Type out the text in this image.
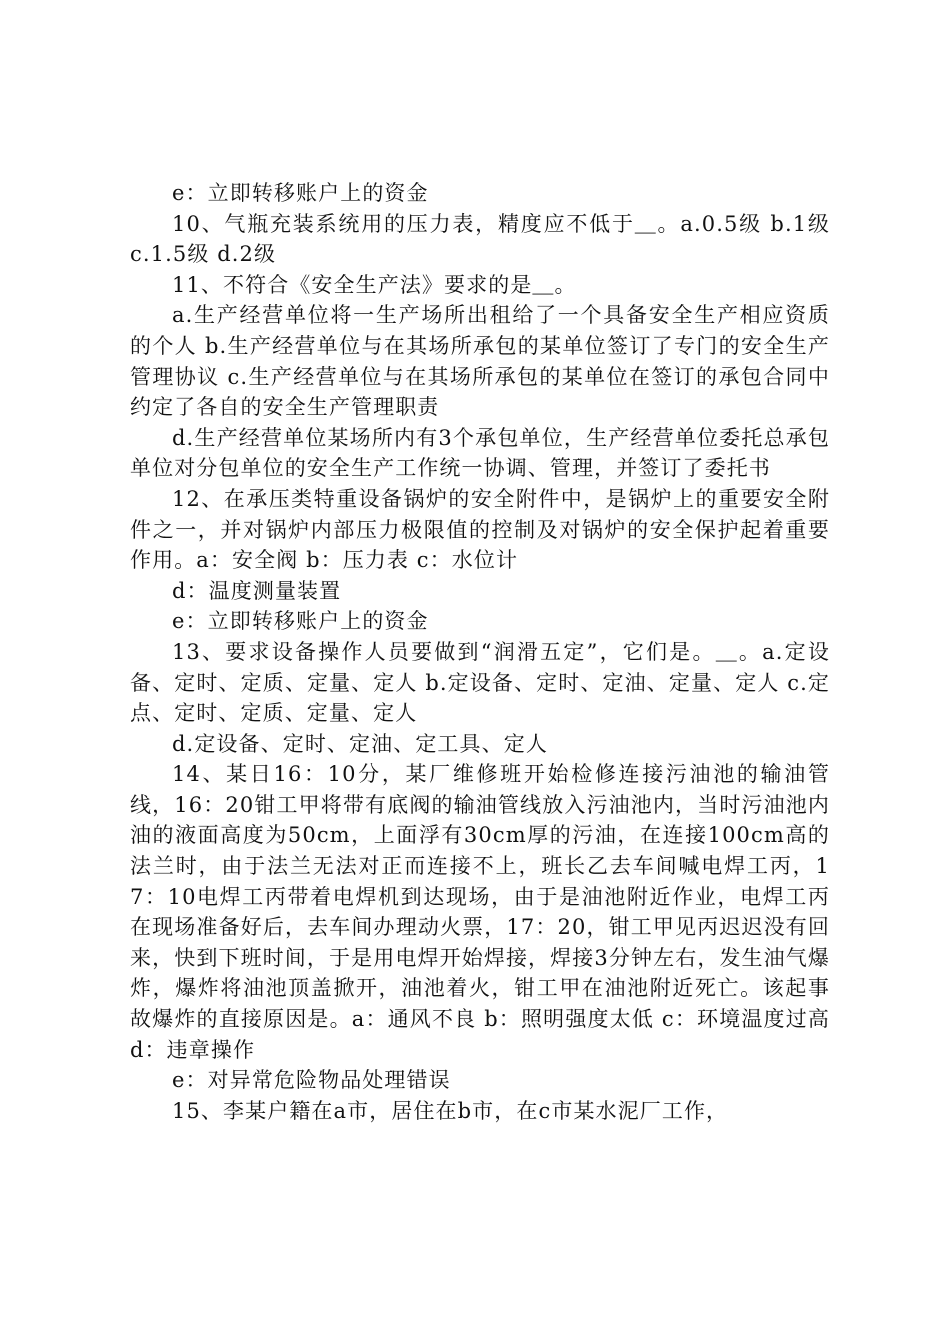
e：立即转移账户上的资金

10、气瓶充装系统用的压力表，精度应不低于＿。a.0.5级 b.1级 c.1.5级 d.2级

11、不符合《安全生产法》要求的是＿。

a.生产经营单位将一生产场所出租给了一个具备安全生产相应资质的个人 b.生产经营单位与在其场所承包的某单位签订了专门的安全生产管理协议 c.生产经营单位与在其场所承包的某单位在签订的承包合同中约定了各自的安全生产管理职责

d.生产经营单位某场所内有3个承包单位，生产经营单位委托总承包单位对分包单位的安全生产工作统一协调、管理，并签订了委托书

12、在承压类特重设备锅炉的安全附件中，是锅炉上的重要安全附件之一，并对锅炉内部压力极限值的控制及对锅炉的安全保护起着重要作用。a：安全阀 b：压力表 c：水位计

d：温度测量装置

e：立即转移账户上的资金

13、要求设备操作人员要做到“润滑五定”，它们是。＿。a.定设备、定时、定质、定量、定人 b.定设备、定时、定油、定量、定人 c.定点、定时、定质、定量、定人

d.定设备、定时、定油、定工具、定人

14、某日16：10分，某厂维修班开始检修连接污油池的输油管线，16：20钳工甲将带有底阀的输油管线放入污油池内，当时污油池内油的液面高度为50cm，上面浮有30cm厚的污油，在连接100cm高的法兰时，由于法兰无法对正而连接不上，班长乙去车间喊电焊工丙，17：10电焊工丙带着电焊机到达现场，由于是油池附近作业，电焊工丙在现场准备好后，去车间办理动火票，17：20，钳工甲见丙迟迟没有回来，快到下班时间，于是用电焊开始焊接，焊接3分钟左右，发生油气爆炸，爆炸将油池顶盖掀开，油池着火，钳工甲在油池附近死亡。该起事故爆炸的直接原因是。a：通风不良 b：照明强度太低 c：环境温度过高 d：违章操作

e：对异常危险物品处理错误

15、李某户籍在a市，居住在b市，在c市某水泥厂工作，
